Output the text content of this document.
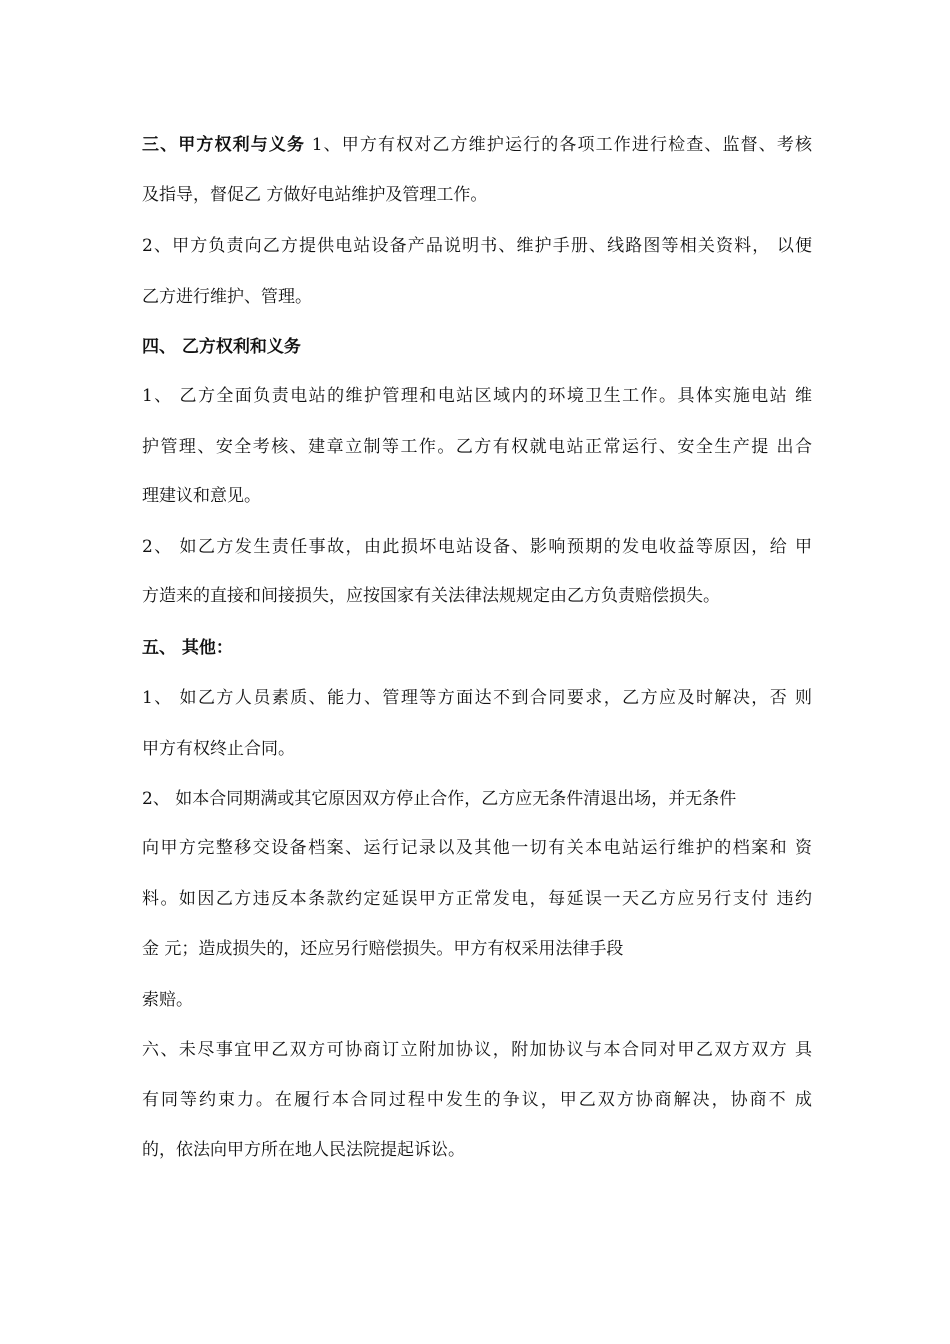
三、甲方权利与义务 1、甲方有权对乙方维护运行的各项工作进行检查、监督、考核
及指导，督促乙 方做好电站维护及管理工作。
2、甲方负责向乙方提供电站设备产品说明书、维护手册、线路图等相关资料， 以便
乙方进行维护、管理。
四、 乙方权利和义务
1、 乙方全面负责电站的维护管理和电站区域内的环境卫生工作。具体实施电站 维
护管理、安全考核、建章立制等工作。乙方有权就电站正常运行、安全生产提 出合
理建议和意见。
2、 如乙方发生责任事故，由此损坏电站设备、影响预期的发电收益等原因，给 甲
方造来的直接和间接损失，应按国家有关法律法规规定由乙方负责赔偿损失。
五、 其他：
1、 如乙方人员素质、能力、管理等方面达不到合同要求，乙方应及时解决，否 则
甲方有权终止合同。
2、 如本合同期满或其它原因双方停止合作，乙方应无条件清退出场，并无条件
向甲方完整移交设备档案、运行记录以及其他一切有关本电站运行维护的档案和 资
料。如因乙方违反本条款约定延误甲方正常发电，每延误一天乙方应另行支付 违约
金 元；造成损失的，还应另行赔偿损失。甲方有权采用法律手段
索赔。
六、未尽事宜甲乙双方可协商订立附加协议，附加协议与本合同对甲乙双方双方 具
有同等约束力。在履行本合同过程中发生的争议，甲乙双方协商解决，协商不 成
的，依法向甲方所在地人民法院提起诉讼。
